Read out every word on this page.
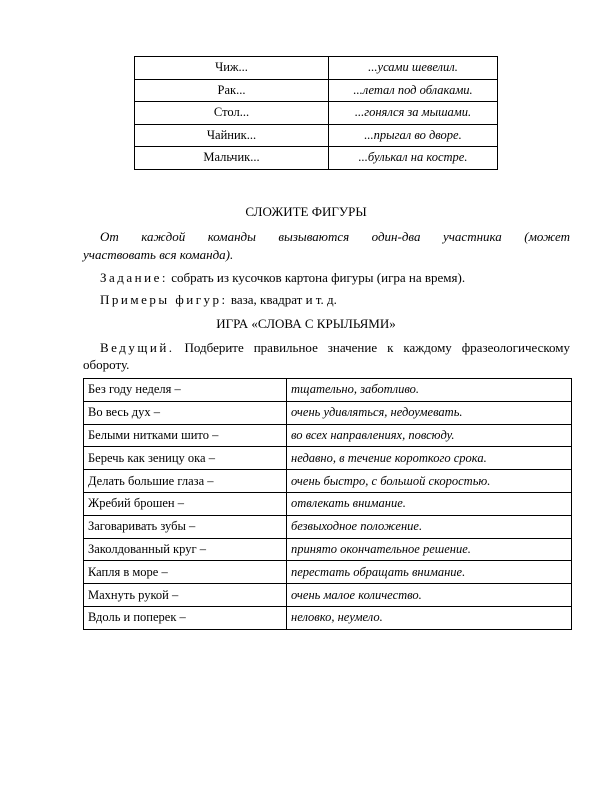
Чиж...	...усами шевелил.
Рак...	...летал под облаками.
Стол...	...гонялся за мышами.
Чайник...	...прыгал во дворе.
Мальчик...	...булькал на костре.
СЛОЖИТЕ ФИГУРЫ
От каждой команды вызываются один-два участника (может
участвовать вся команда).
Задание: собрать из кусочков картона фигуры (игра на время).
Примеры фигур: ваза, квадрат и т. д.
ИГРА «СЛОВА С КРЫЛЬЯМИ»
Ведущий. Подберите правильное значение к каждому фразеологическому
обороту.
Без году неделя –	тщательно, заботливо.
Во весь дух –	очень удивляться, недоумевать.
Белыми нитками шито –	во всех направлениях, повсюду.
Беречь как зеницу ока –	недавно, в течение короткого срока.
Делать большие глаза –	очень быстро, с большой скоростью.
Жребий брошен –	отвлекать внимание.
Заговаривать зубы –	безвыходное положение.
Заколдованный круг –	принято окончательное решение.
Капля в море –	перестать обращать внимание.
Махнуть рукой –	очень малое количество.
Вдоль и поперек –	неловко, неумело.
